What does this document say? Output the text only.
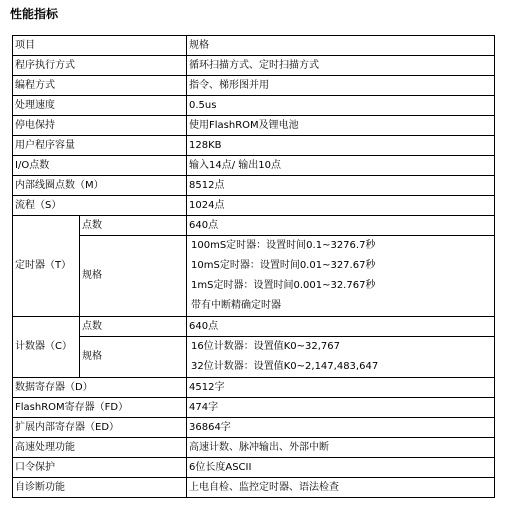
性能指标
项目		规格
程序执行方式		循环扫描方式、定时扫描方式
编程方式		指令、梯形图并用
处理速度		0.5us
停电保持		使用FlashROM及锂电池
用户程序容量		128KB
I/O点数		输入14点/ 输出10点
内部线圈点数（M）		8512点
流程（S）		1024点
定时器（T）	点数	640点
	规格	100mS定时器：设置时间0.1~3276.7秒
10mS定时器：设置时间0.01~327.67秒
1mS定时器：设置时间0.001~32.767秒
带有中断精确定时器

计数器（C）	点数	640点
	规格	16位计数器：设置值K0~32,767
32位计数器：设置值K0~2,147,483,647

数据寄存器（D）		4512字
FlashROM寄存器（FD）		474字
扩展内部寄存器（ED）		36864字
高速处理功能		高速计数、脉冲输出、外部中断
口令保护		6位长度ASCII
自诊断功能		上电自检、监控定时器、语法检查
